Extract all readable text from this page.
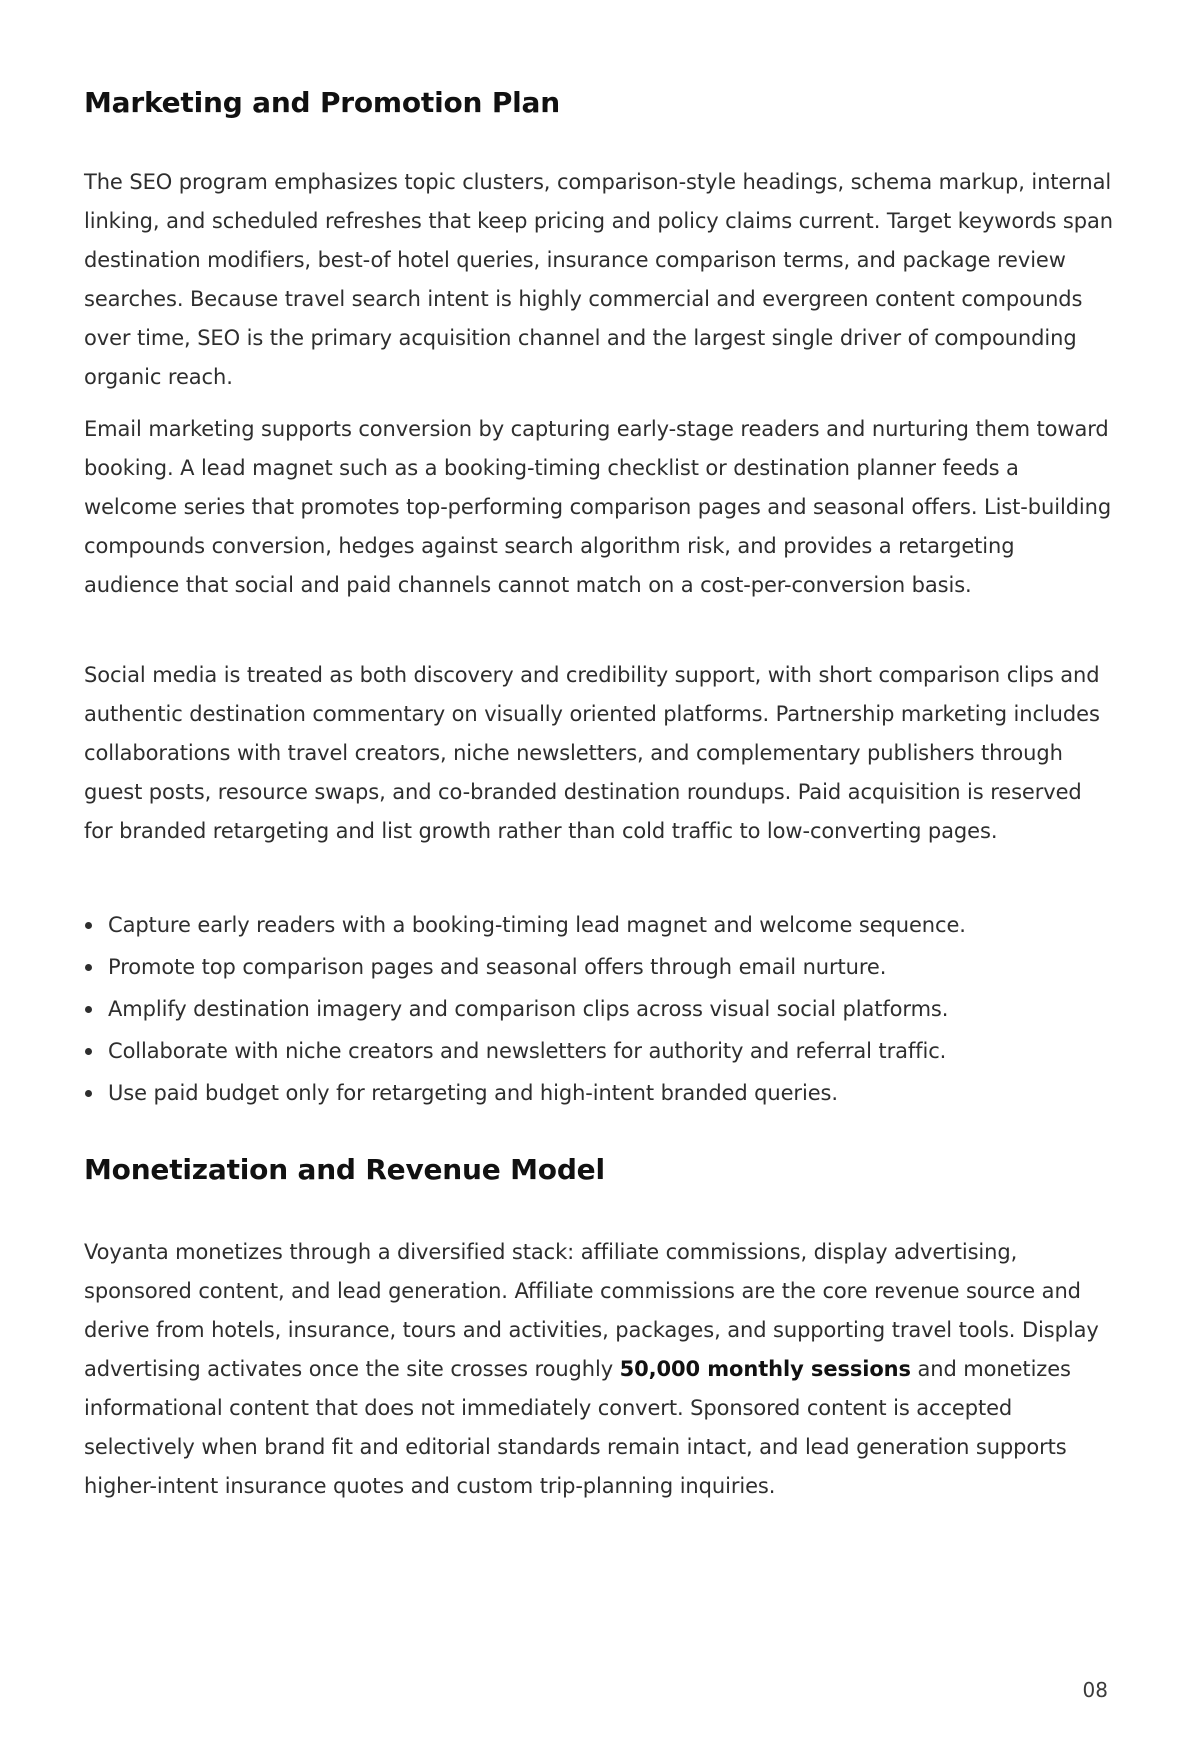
Marketing and Promotion Plan

The SEO program emphasizes topic clusters, comparison-style headings, schema markup, internal linking, and scheduled refreshes that keep pricing and policy claims current. Target keywords span destination modifiers, best-of hotel queries, insurance comparison terms, and package review searches. Because travel search intent is highly commercial and evergreen content compounds over time, SEO is the primary acquisition channel and the largest single driver of compounding organic reach.

Email marketing supports conversion by capturing early-stage readers and nurturing them toward booking. A lead magnet such as a booking-timing checklist or destination planner feeds a welcome series that promotes top-performing comparison pages and seasonal offers. List-building compounds conversion, hedges against search algorithm risk, and provides a retargeting audience that social and paid channels cannot match on a cost-per-conversion basis.

Social media is treated as both discovery and credibility support, with short comparison clips and authentic destination commentary on visually oriented platforms. Partnership marketing includes collaborations with travel creators, niche newsletters, and complementary publishers through guest posts, resource swaps, and co-branded destination roundups. Paid acquisition is reserved for branded retargeting and list growth rather than cold traffic to low-converting pages.

Capture early readers with a booking-timing lead magnet and welcome sequence.
Promote top comparison pages and seasonal offers through email nurture.
Amplify destination imagery and comparison clips across visual social platforms.
Collaborate with niche creators and newsletters for authority and referral traffic.
Use paid budget only for retargeting and high-intent branded queries.
Monetization and Revenue Model

Voyanta monetizes through a diversified stack: affiliate commissions, display advertising, sponsored content, and lead generation. Affiliate commissions are the core revenue source and derive from hotels, insurance, tours and activities, packages, and supporting travel tools. Display advertising activates once the site crosses roughly 50,000 monthly sessions and monetizes informational content that does not immediately convert. Sponsored content is accepted selectively when brand fit and editorial standards remain intact, and lead generation supports higher-intent insurance quotes and custom trip-planning inquiries.

08
